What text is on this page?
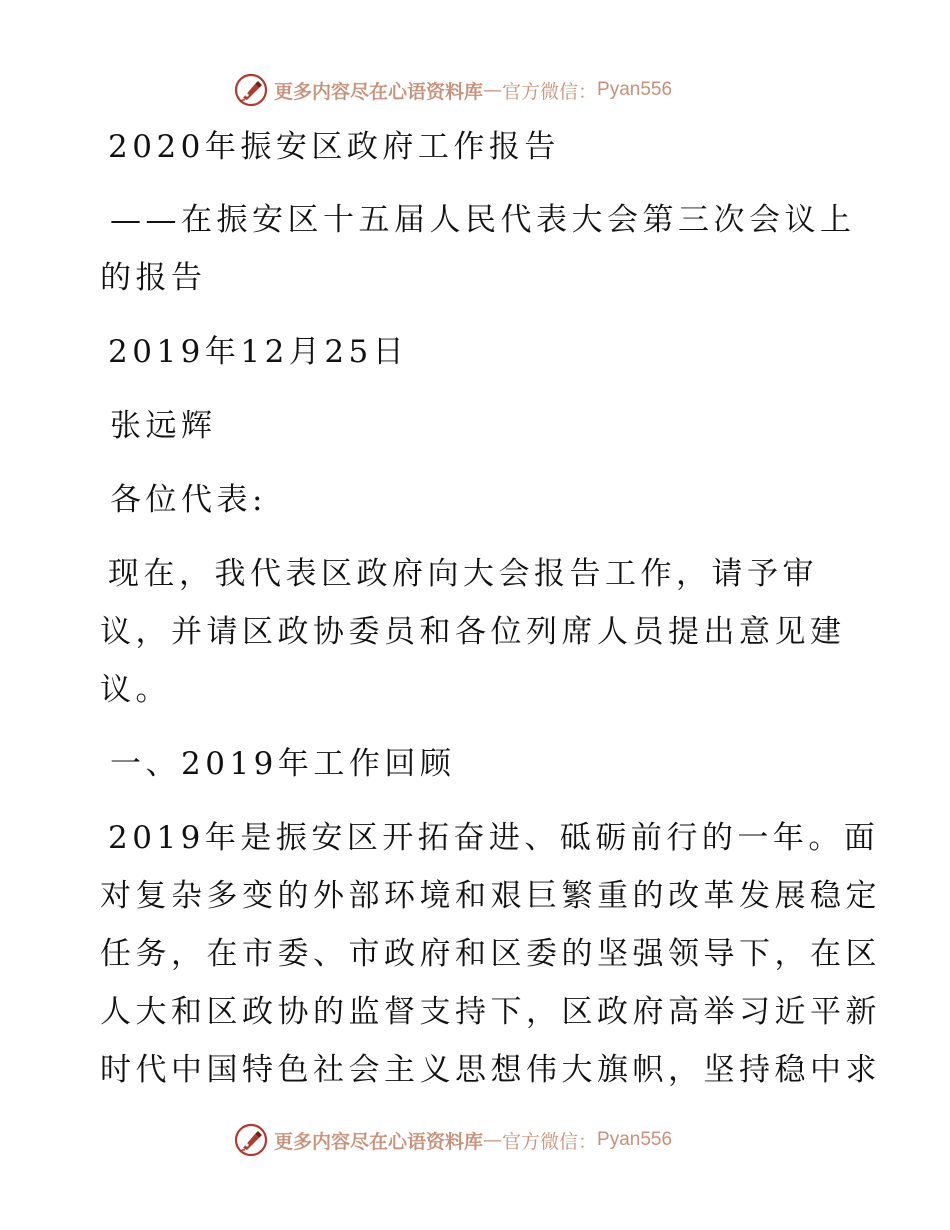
更多内容尽在心语资料库 — 官方微信： Pyan556
2020年振安区政府工作报告
——在振安区十五届人民代表大会第三次会议上
的报告
2019年12月25日
张远辉
各位代表:
现在，我代表区政府向大会报告工作，请予审
议，并请区政协委员和各位列席人员提出意见建
议。
一、2019年工作回顾
2019年是振安区开拓奋进、砥砺前行的一年。面
对复杂多变的外部环境和艰巨繁重的改革发展稳定
任务，在市委、市政府和区委的坚强领导下，在区
人大和区政协的监督支持下，区政府高举习近平新
时代中国特色社会主义思想伟大旗帜，坚持稳中求
更多内容尽在心语资料库 — 官方微信： Pyan556
